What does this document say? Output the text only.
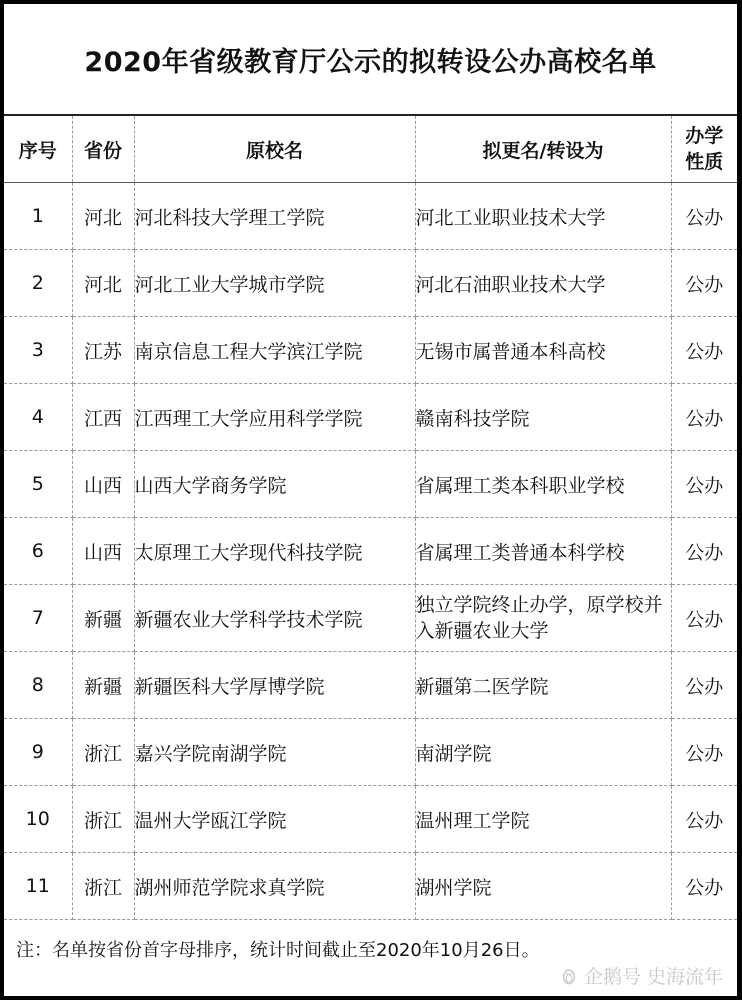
2020年省级教育厅公示的拟转设公办高校名单
序号	省份	原校名	拟更名/转设为	办学
性质

1	河北	河北科技大学理工学院	河北工业职业技术大学	公办
2	河北	河北工业大学城市学院	河北石油职业技术大学	公办
3	江苏	南京信息工程大学滨江学院	无锡市属普通本科高校	公办
4	江西	江西理工大学应用科学学院	赣南科技学院	公办
5	山西	山西大学商务学院	省属理工类本科职业学校	公办
6	山西	太原理工大学现代科技学院	省属理工类普通本科学校	公办
7	新疆	新疆农业大学科学技术学院	独立学院终止办学，原学校并入新疆农业大学	公办
8	新疆	新疆医科大学厚博学院	新疆第二医学院	公办
9	浙江	嘉兴学院南湖学院	南湖学院	公办
10	浙江	温州大学瓯江学院	温州理工学院	公办
11	浙江	湖州师范学院求真学院	湖州学院	公办
注：名单按省份首字母排序，统计时间截止至2020年10月26日。
企鹅号 史海流年
